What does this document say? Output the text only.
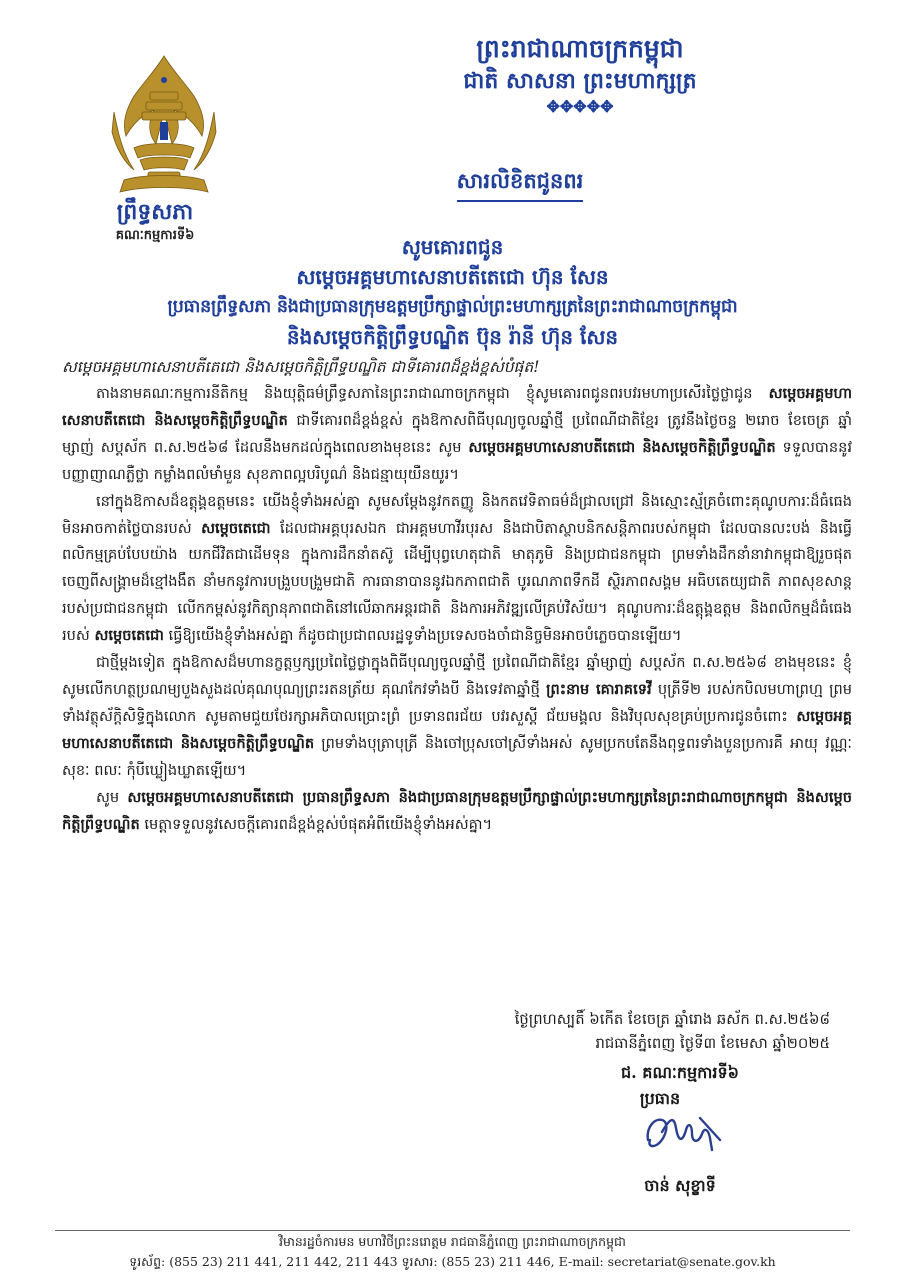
ព្រះរាជាណាចក្រកម្ពុជា
ជាតិ សាសនា ព្រះមហាក្សត្រ
✥✥✥✥✥
ព្រឹទ្ធសភា
គណៈកម្មការទី៦
សារលិខិតជូនពរ
សូមគោរពជូន
សម្តេចអគ្គមហាសេនាបតីតេជោ ហ៊ុន សែន
ប្រធានព្រឹទ្ធសភា និងជាប្រធានក្រុមឧត្តមប្រឹក្សាផ្ទាល់ព្រះមហាក្សត្រនៃព្រះរាជាណាចក្រកម្ពុជា
និងសម្តេចកិត្តិព្រឹទ្ធបណ្ឌិត ប៊ុន រ៉ានី ហ៊ុន សែន
សម្តេចអគ្គមហាសេនាបតីតេជោ និងសម្តេចកិត្តិព្រឹទ្ធបណ្ឌិត ជាទីគោរពដ៏ខ្ពង់ខ្ពស់បំផុត!

តាងនាមគណៈកម្មការនីតិកម្ម និងយុត្តិធម៌ព្រឹទ្ធសភានៃព្រះរាជាណាចក្រកម្ពុជា ខ្ញុំសូមគោរពជូនពរបវរមហាប្រសើរថ្លៃថ្លាជូន សម្តេចអគ្គមហាសេនាបតីតេជោ និងសម្តេចកិត្តិព្រឹទ្ធបណ្ឌិត ជាទីគោរពដ៏ខ្ពង់ខ្ពស់ ក្នុងឱកាសពិធីបុណ្យចូលឆ្នាំថ្មី ប្រពៃណីជាតិខ្មែរ ត្រូវនឹងថ្ងៃចន្ទ ២រោច ខែចេត្រ ឆ្នាំម្សាញ់ សប្តស័ក ព.ស.២៥៦៨ ដែលនឹងមកដល់ក្នុងពេលខាងមុខនេះ សូម សម្តេចអគ្គមហាសេនាបតីតេជោ និងសម្តេចកិត្តិព្រឹទ្ធបណ្ឌិត ទទួលបាននូវបញ្ញាញាណភ្លឺថ្លា កម្លាំងពលំមាំមួន សុខភាពល្អបរិបូណ៌ និងជន្មាយុយឺនយូរ។

នៅក្នុងឱកាសដ៏ឧត្តុង្គឧត្តមនេះ យើងខ្ញុំទាំងអស់គ្នា សូមសម្តែងនូវកតញ្ញូ និងកតវេទិតាធម៌ដ៏ជ្រាលជ្រៅ និងស្មោះស្ម័គ្រចំពោះគុណូបការៈដ៏ធំធេងមិនអាចកាត់ថ្លៃបានរបស់ សម្តេចតេជោ ដែលជាអគ្គបុរសឯក ជាអគ្គមហាវីរបុរស និងជាបិតាស្ថាបនិកសន្តិភាពរបស់កម្ពុជា ដែលបានលះបង់ និងធ្វើពលិកម្មគ្រប់បែបយ៉ាង យកជីវិតជាដើមទុន ក្នុងការដឹកនាំតស៊ូ ដើម្បីបុព្វហេតុជាតិ មាតុភូមិ និងប្រជាជនកម្ពុជា ព្រមទាំងដឹកនាំនាវាកម្ពុជាឱ្យរួចផុតចេញពីសង្គ្រាមដ៏ខ្មៅងងឹត នាំមកនូវការបង្រួបបង្រួមជាតិ ការធានាបាននូវឯកភាពជាតិ បូរណភាពទឹកដី ស្ថិរភាពសង្គម អធិបតេយ្យជាតិ ភាពសុខសាន្តរបស់ប្រជាជនកម្ពុជា លើកកម្ពស់នូវកិត្យានុភាពជាតិនៅលើឆាកអន្តរជាតិ និងការអភិវឌ្ឍលើគ្រប់វិស័យ។ គុណូបការៈដ៏ឧត្តុង្គឧត្តម និងពលិកម្មដ៏ធំធេងរបស់ សម្តេចតេជោ ធ្វើឱ្យយើងខ្ញុំទាំងអស់គ្នា ក៏ដូចជាប្រជាពលរដ្ឋទូទាំងប្រទេសចងចាំជានិច្ចមិនអាចបំភ្លេចបានឡើយ។

ជាថ្មីម្តងទៀត ក្នុងឱកាសដ៏មហានក្ខត្តឫក្សប្រពៃថ្លៃថ្លាក្នុងពិធីបុណ្យចូលឆ្នាំថ្មី ប្រពៃណីជាតិខ្មែរ ឆ្នាំម្សាញ់ សប្តស័ក ព.ស.២៥៦៨ ខាងមុខនេះ ខ្ញុំសូមលើកហត្ថប្រណម្យបួងសួងដល់គុណបុណ្យព្រះរតនត្រ័យ គុណកែវទាំងបី និងទេវតាឆ្នាំថ្មី ព្រះនាម គោរាគទេវី បុត្រីទី២ របស់កបិលមហាព្រហ្ម ព្រមទាំងវត្ថុស័ក្តិសិទ្ធិក្នុងលោក សូមតាមជួយថែរក្សាអភិបាលប្រោះព្រំ ប្រទានពរជ័យ បវរសួស្តី ជ័យមង្គល និងវិបុលសុខគ្រប់ប្រការជូនចំពោះ សម្តេចអគ្គមហាសេនាបតីតេជោ និងសម្តេចកិត្តិព្រឹទ្ធបណ្ឌិត ព្រមទាំងបុត្រាបុត្រី និងចៅប្រុសចៅស្រីទាំងអស់ សូមប្រកបតែនឹងពុទ្ធពរទាំងបួនប្រការគឺ អាយុ វណ្ណៈ សុខៈ ពលៈ កុំបីឃ្លៀងឃ្លាតឡើយ។

សូម សម្តេចអគ្គមហាសេនាបតីតេជោ ប្រធានព្រឹទ្ធសភា និងជាប្រធានក្រុមឧត្តមប្រឹក្សាផ្ទាល់ព្រះមហាក្សត្រនៃព្រះរាជាណាចក្រកម្ពុជា និងសម្តេចកិត្តិព្រឹទ្ធបណ្ឌិត មេត្តាទទួលនូវសេចក្តីគោរពដ៏ខ្ពង់ខ្ពស់បំផុតអំពីយើងខ្ញុំទាំងអស់គ្នា។

ថ្ងៃព្រហស្បតិ៍ ៦កើត ខែចេត្រ ឆ្នាំរោង ឆស័ក ព.ស.២៥៦៨
រាជធានីភ្នំពេញ ថ្ងៃទី៣ ខែមេសា ឆ្នាំ២០២៥
ជ. គណៈកម្មការទី៦
ប្រធាន
ចាន់ សុខ្ខាទី
វិមានរដ្ឋចំការមន មហាវិថីព្រះនរោត្តម រាជធានីភ្នំពេញ ព្រះរាជាណាចក្រកម្ពុជា
ទូរស័ព្ទ: (855 23) 211 441, 211 442, 211 443 ទូរសារ: (855 23) 211 446, E-mail: secretariat@senate.gov.kh
